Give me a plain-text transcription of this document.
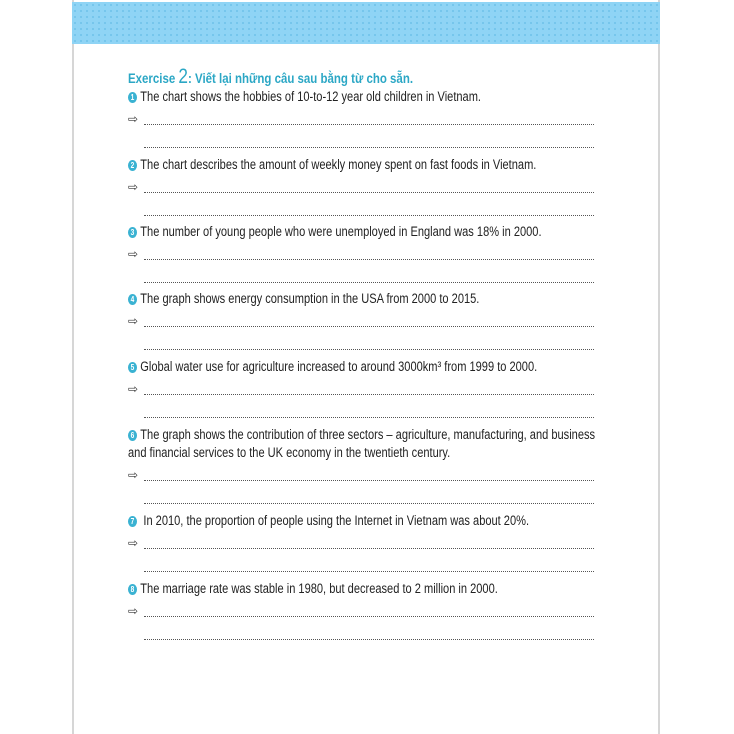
Exercise 2: Viết lại những câu sau bằng từ cho sẵn.
1 The chart shows the hobbies of 10-to-12 year old children in Vietnam.
⇨
2 The chart describes the amount of weekly money spent on fast foods in Vietnam.
⇨
3 The number of young people who were unemployed in England was 18% in 2000.
⇨
4 The graph shows energy consumption in the USA from 2000 to 2015.
⇨
5 Global water use for agriculture increased to around 3000km³ from 1999 to 2000.
⇨
6 The graph shows the contribution of three sectors – agriculture, manufacturing, and business
and financial services to the UK economy in the twentieth century.
⇨
7 In 2010, the proportion of people using the Internet in Vietnam was about 20%.
⇨
8 The marriage rate was stable in 1980, but decreased to 2 million in 2000.
⇨
